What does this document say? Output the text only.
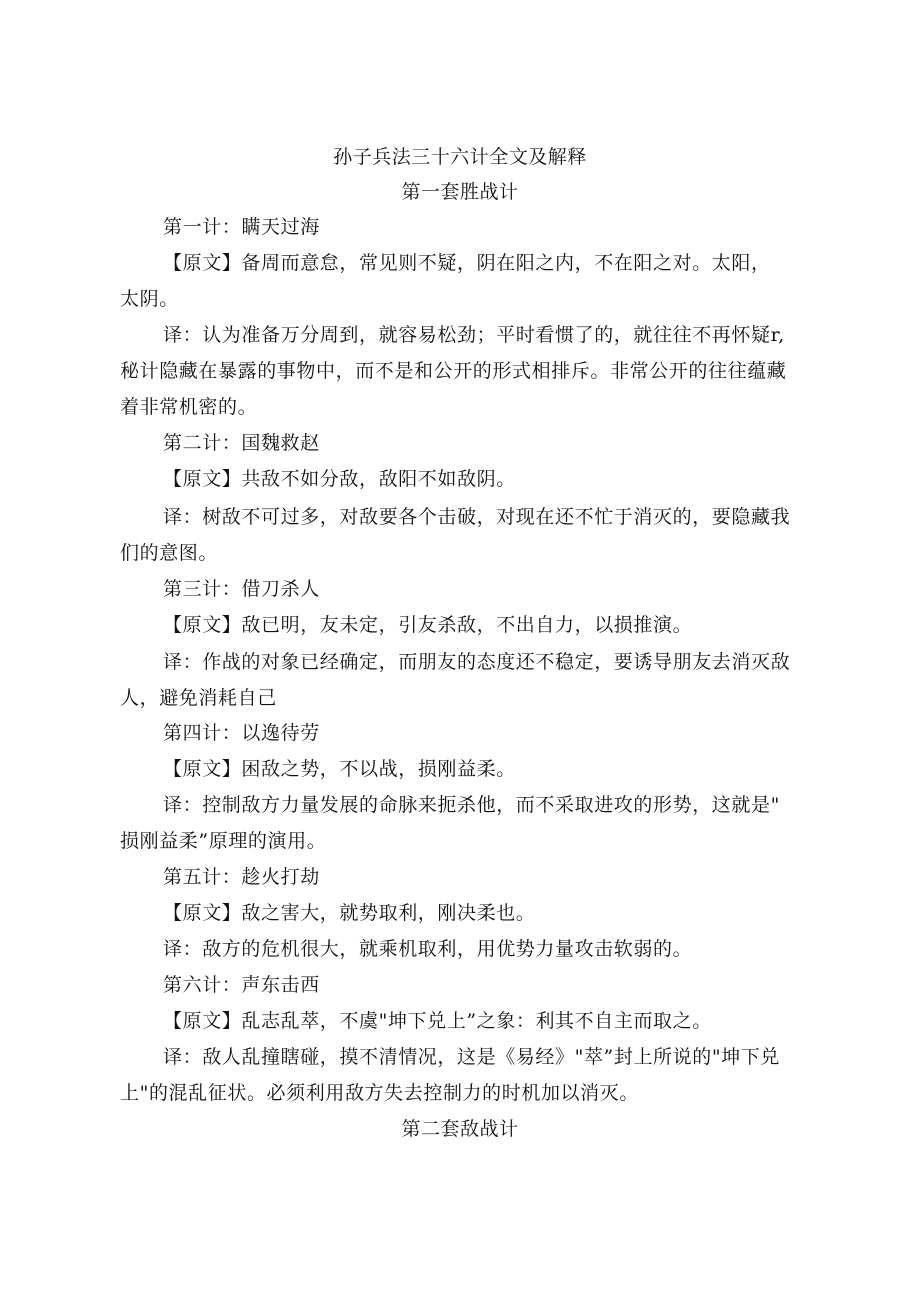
孙子兵法三十六计全文及解释
第一套胜战计
第一计：瞒天过海
【原文】备周而意怠，常见则不疑，阴在阳之内，不在阳之对。太阳，
太阴。
译：认为准备万分周到，就容易松劲；平时看惯了的，就往往不再怀疑r,
秘计隐藏在暴露的事物中，而不是和公开的形式相排斥。非常公开的往往蕴藏
着非常机密的。
第二计：国魏救赵
【原文】共敌不如分敌，敌阳不如敌阴。
译：树敌不可过多，对敌要各个击破，对现在还不忙于消灭的，要隐藏我
们的意图。
第三计：借刀杀人
【原文】敌已明，友未定，引友杀敌，不出自力，以损推演。
译：作战的对象已经确定，而朋友的态度还不稳定，要诱导朋友去消灭敌
人，避免消耗自己
第四计：以逸待劳
【原文】困敌之势，不以战，损刚益柔。
译：控制敌方力量发展的命脉来扼杀他，而不采取进攻的形势，这就是"
损刚益柔”原理的演用。
第五计：趁火打劫
【原文】敌之害大，就势取利，刚决柔也。
译：敌方的危机很大，就乘机取利，用优势力量攻击软弱的。
第六计：声东击西
【原文】乱志乱萃，不虞"坤下兑上”之象：利其不自主而取之。
译：敌人乱撞瞎碰，摸不清情况，这是《易经》"萃”封上所说的"坤下兑
上"的混乱征状。必须利用敌方失去控制力的时机加以消灭。
第二套敌战计
